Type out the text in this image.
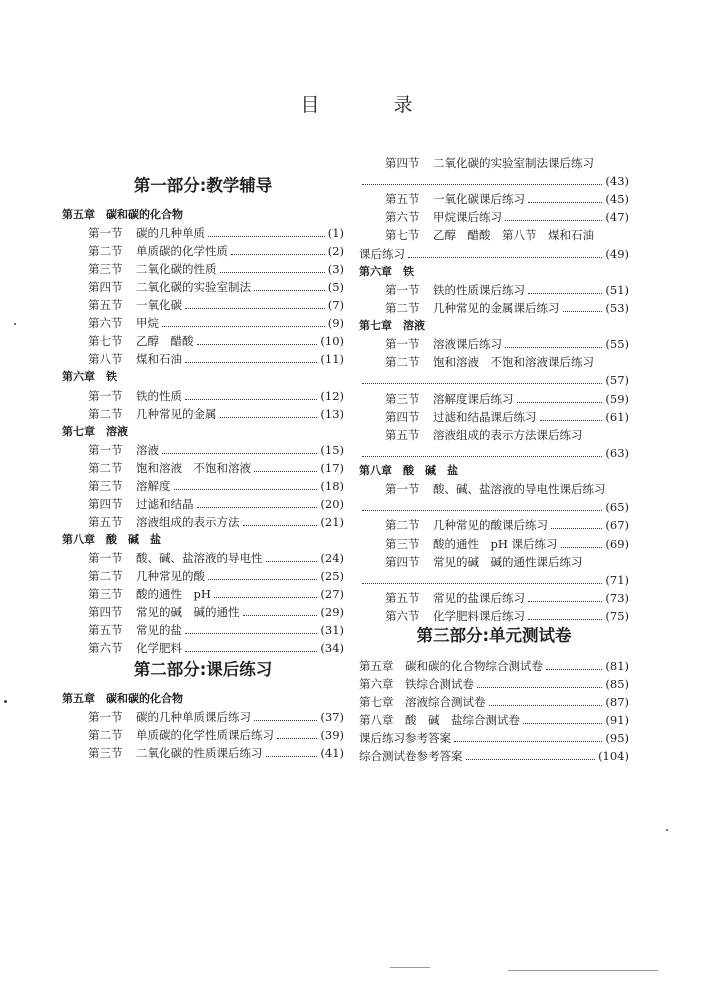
目 录
第一部分:教学辅导
第五章　碳和碳的化合物
第一节	碳的几种单质	(1)
第二节	单质碳的化学性质	(2)
第三节	二氧化碳的性质	(3)
第四节	二氧化碳的实验室制法	(5)
第五节	一氧化碳	(7)
第六节	甲烷	(9)
第七节	乙醇　醋酸	(10)
第八节	煤和石油	(11)
第六章　铁
第一节	铁的性质	(12)
第二节	几种常见的金属	(13)
第七章　溶液
第一节	溶液	(15)
第二节	饱和溶液　不饱和溶液	(17)
第三节	溶解度	(18)
第四节	过滤和结晶	(20)
第五节	溶液组成的表示方法	(21)
第八章　酸　碱　盐
第一节	酸、碱、盐溶液的导电性	(24)
第二节	几种常见的酸	(25)
第三节	酸的通性　pH	(27)
第四节	常见的碱　碱的通性	(29)
第五节	常见的盐	(31)
第六节	化学肥料	(34)
第二部分:课后练习
第五章　碳和碳的化合物
第一节	碳的几种单质课后练习	(37)
第二节	单质碳的化学性质课后练习	(39)
第三节	二氧化碳的性质课后练习	(41)
第四节	二氧化碳的实验室制法课后练习
(43)
第五节	一氧化碳课后练习	(45)
第六节	甲烷课后练习	(47)
第七节	乙醇　醋酸　第八节　煤和石油
课后练习	(49)
第六章　铁
第一节	铁的性质课后练习	(51)
第二节	几种常见的金属课后练习	(53)
第七章　溶液
第一节	溶液课后练习	(55)
第二节	饱和溶液　不饱和溶液课后练习
(57)
第三节	溶解度课后练习	(59)
第四节	过滤和结晶课后练习	(61)
第五节	溶液组成的表示方法课后练习
(63)
第八章　酸　碱　盐
第一节	酸、碱、盐溶液的导电性课后练习
(65)
第二节	几种常见的酸课后练习	(67)
第三节	酸的通性　pH 课后练习	(69)
第四节	常见的碱　碱的通性课后练习
(71)
第五节	常见的盐课后练习	(73)
第六节	化学肥料课后练习	(75)
第三部分:单元测试卷
第五章　碳和碳的化合物综合测试卷	(81)
第六章　铁综合测试卷	(85)
第七章　溶液综合测试卷	(87)
第八章　酸　碱　盐综合测试卷	(91)
课后练习参考答案	(95)
综合测试卷参考答案	(104)
